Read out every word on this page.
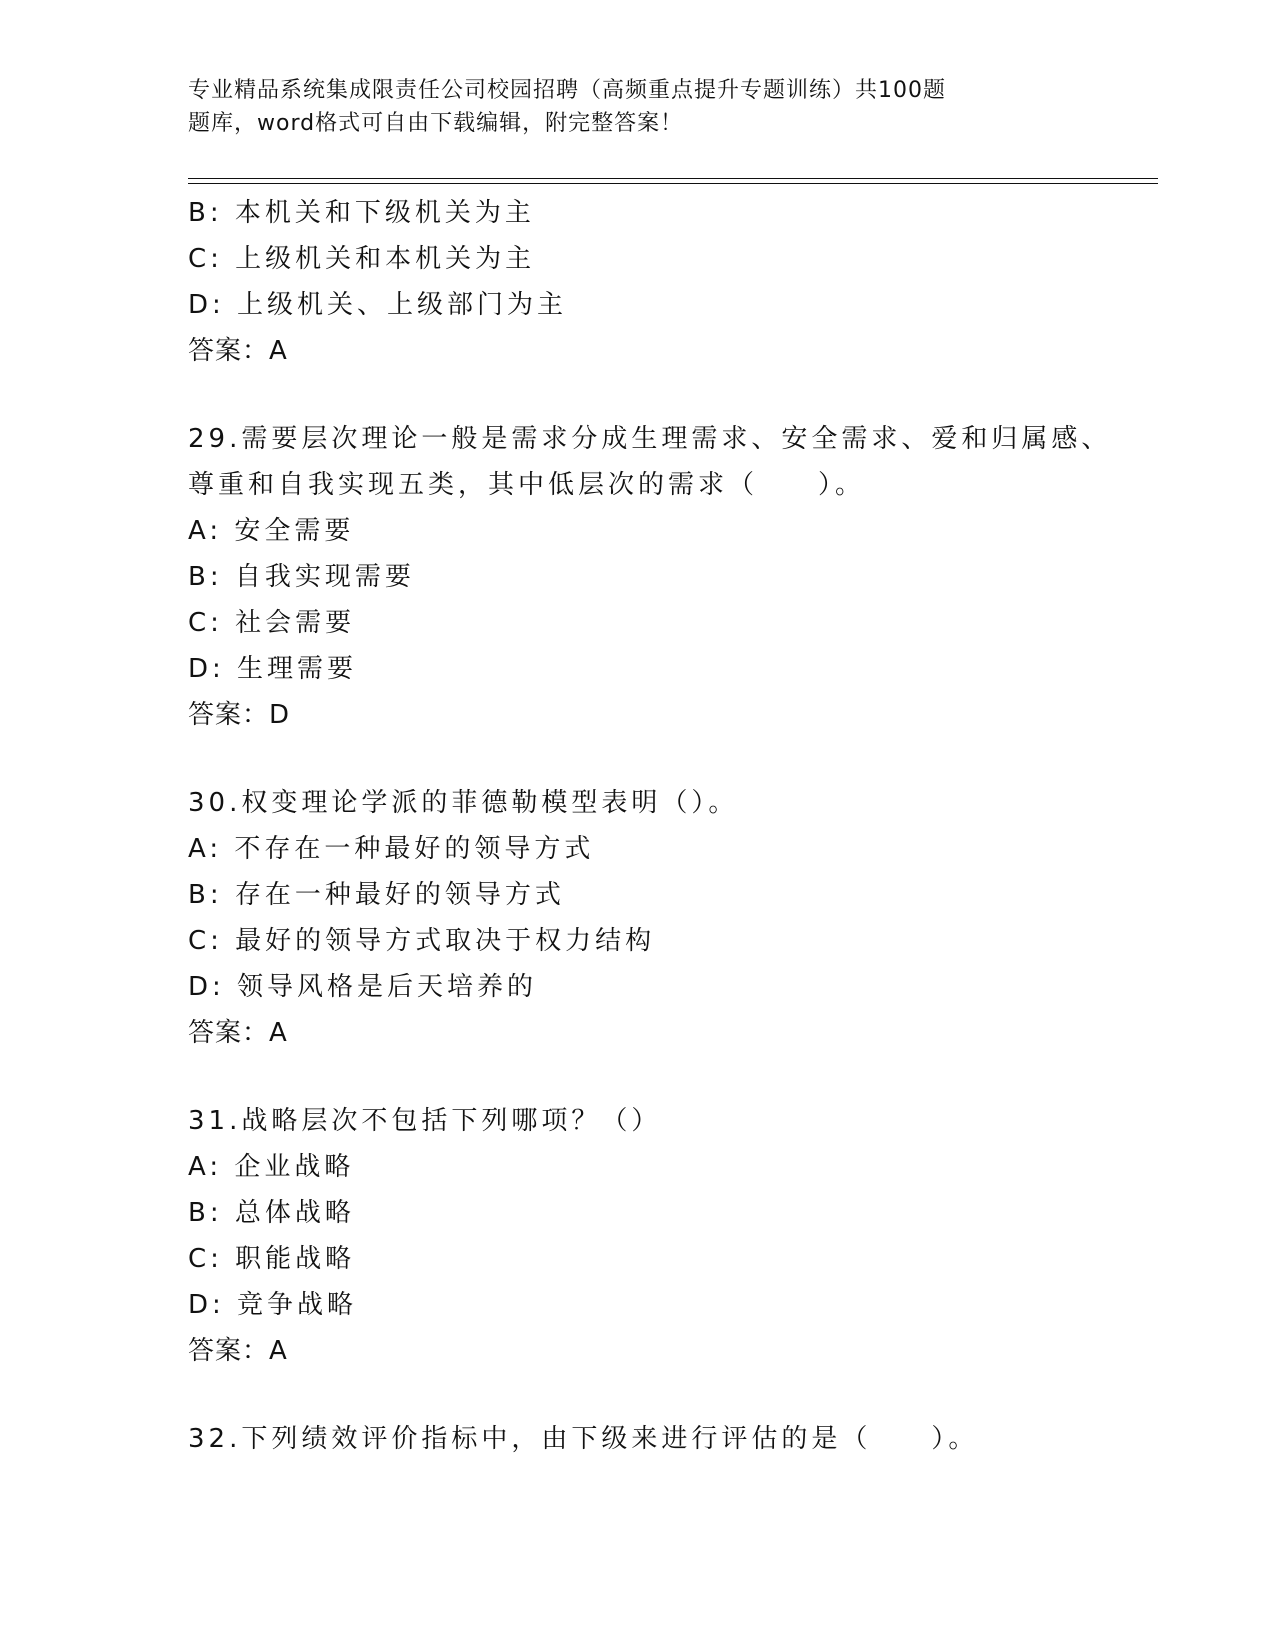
专业精品系统集成限责任公司校园招聘（高频重点提升专题训练）共100题
题库，word格式可自由下载编辑，附完整答案！
B: 本机关和下级机关为主
C: 上级机关和本机关为主
D: 上级机关、上级部门为主
答案：A
29.需要层次理论一般是需求分成生理需求、安全需求、爱和归属感、
尊重和自我实现五类，其中低层次的需求（　　）。
A: 安全需要
B: 自我实现需要
C: 社会需要
D: 生理需要
答案：D
30.权变理论学派的菲德勒模型表明（）。
A: 不存在一种最好的领导方式
B: 存在一种最好的领导方式
C: 最好的领导方式取决于权力结构
D: 领导风格是后天培养的
答案：A
31.战略层次不包括下列哪项？（）
A: 企业战略
B: 总体战略
C: 职能战略
D: 竞争战略
答案：A
32.下列绩效评价指标中，由下级来进行评估的是（　　）。
